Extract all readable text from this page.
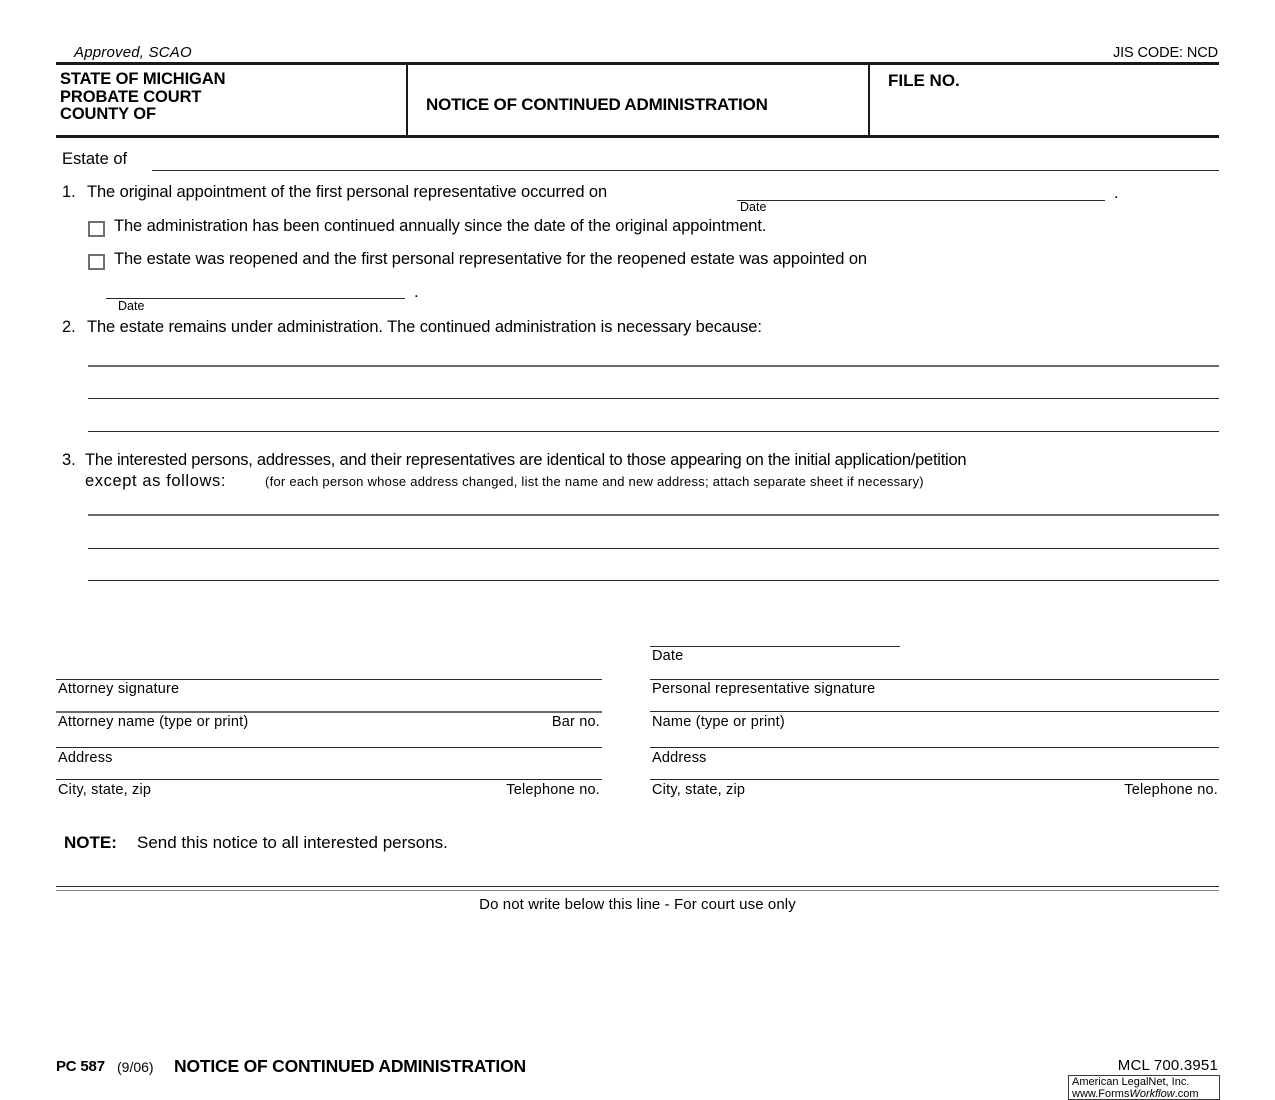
Approved, SCAO	JIS CODE: NCD
STATE OF MICHIGAN
PROBATE COURT
COUNTY OF	NOTICE OF CONTINUED ADMINISTRATION
FILE NO.
Estate of
1. The original appointment of the first personal representative occurred on
Date
.
The administration has been continued annually since the date of the original appointment.
The estate was reopened and the first personal representative for the reopened estate was appointed on
Date
.
2. The estate remains under administration. The continued administration is necessary because:
3. The interested persons, addresses, and their representatives are identical to those appearing on the initial application/petition
except as follows:	(for each person whose address changed, list the name and new address; attach separate sheet if necessary)
Date
Attorney signature
Attorney name (type or print)	Bar no.
Address
City, state, zip	Telephone no.
Personal representative signature
Name (type or print)
Address
City, state, zip	Telephone no.
NOTE: Send this notice to all interested persons.
Do not write below this line - For court use only
PC 587 (9/06) NOTICE OF CONTINUED ADMINISTRATION	MCL 700.3951
American LegalNet, Inc.
www.FormsWorkflow.com
